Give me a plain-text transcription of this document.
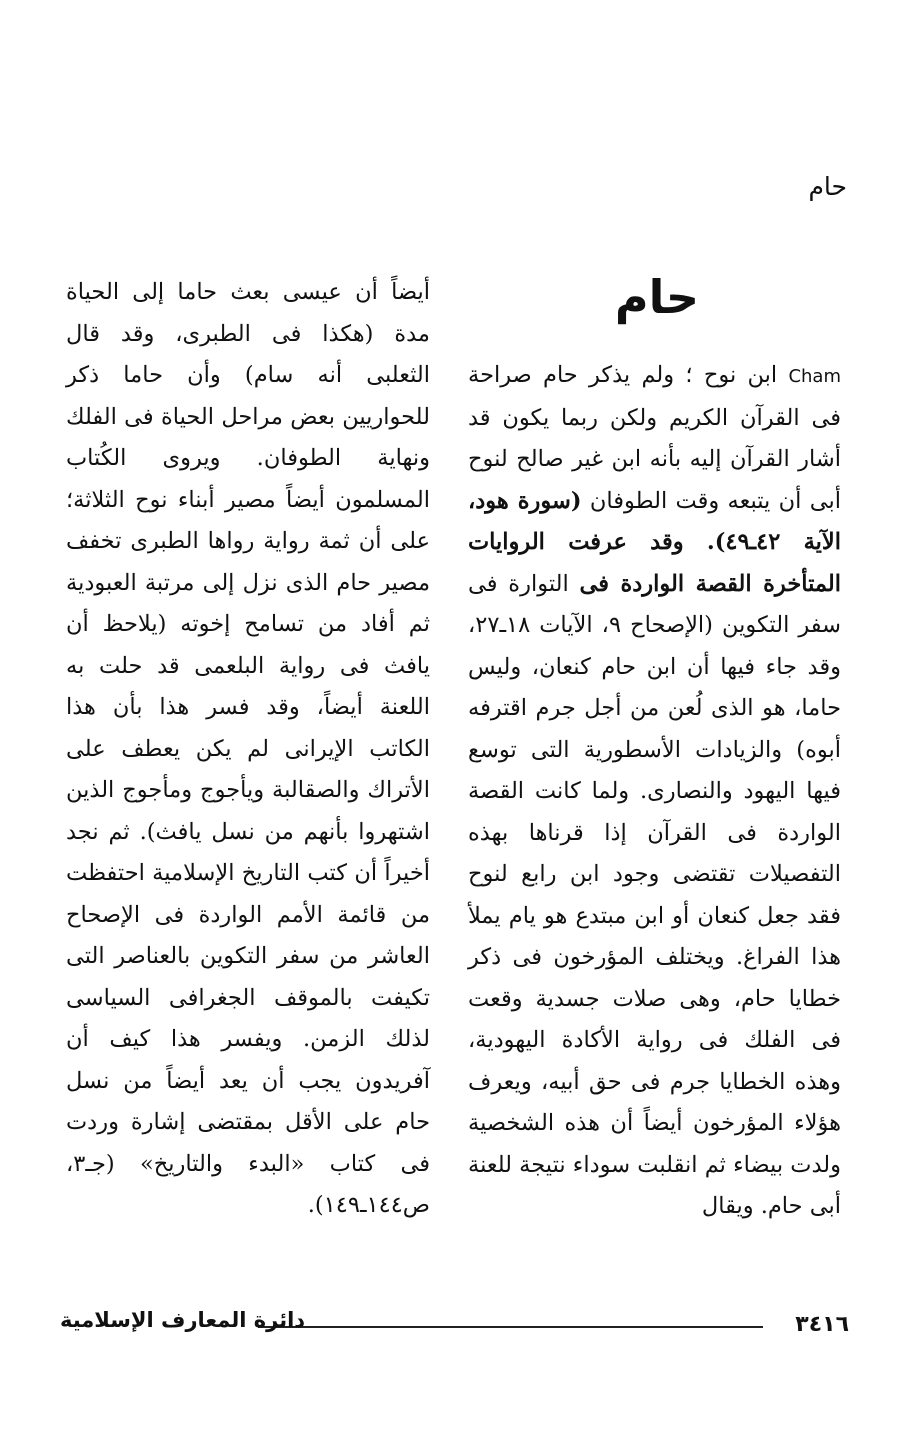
حام
حام

Cham ابن نوح ؛ ولم يذكر حام صراحة فى القرآن الكريم ولكن ربما يكون قد أشار القرآن إليه بأنه ابن غير صالح لنوح أبى أن يتبعه وقت الطوفان (سورة هود، الآية ٤٢ـ٤٩). وقد عرفت الروايات المتأخرة القصة الواردة فى التوارة فى سفر التكوين (الإصحاح ٩، الآيات ١٨ـ٢٧، وقد جاء فيها أن ابن حام كنعان، وليس حاما، هو الذى لُعن من أجل جرم اقترفه أبوه) والزيادات الأسطورية التى توسع فيها اليهود والنصارى. ولما كانت القصة الواردة فى القرآن إذا قرناها بهذه التفصيلات تقتضى وجود ابن رابع لنوح فقد جعل كنعان أو ابن مبتدع هو يام يملأ هذا الفراغ. ويختلف المؤرخون فى ذكر خطايا حام، وهى صلات جسدية وقعت فى الفلك فى رواية الأكادة اليهودية، وهذه الخطايا جرم فى حق أبيه، ويعرف هؤلاء المؤرخون أيضاً أن هذه الشخصية ولدت بيضاء ثم انقلبت سوداء نتيجة للعنة أبى حام. ويقال

أيضاً أن عيسى بعث حاما إلى الحياة مدة (هكذا فى الطبرى، وقد قال الثعلبى أنه سام) وأن حاما ذكر للحواريين بعض مراحل الحياة فى الفلك ونهاية الطوفان. ويروى الكُتاب المسلمون أيضاً مصير أبناء نوح الثلاثة؛ على أن ثمة رواية رواها الطبرى تخفف مصير حام الذى نزل إلى مرتبة العبودية ثم أفاد من تسامح إخوته (يلاحظ أن يافث فى رواية البلعمى قد حلت به اللعنة أيضاً، وقد فسر هذا بأن هذا الكاتب الإيرانى لم يكن يعطف على الأتراك والصقالبة ويأجوج ومأجوج الذين اشتهروا بأنهم من نسل يافث). ثم نجد أخيراً أن كتب التاريخ الإسلامية احتفظت من قائمة الأمم الواردة فى الإصحاح العاشر من سفر التكوين بالعناصر التى تكيفت بالموقف الجغرافى السياسى لذلك الزمن. ويفسر هذا كيف أن آفريدون يجب أن يعد أيضاً من نسل حام على الأقل بمقتضى إشارة وردت فى كتاب «البدء والتاريخ» (جـ٣، ص١٤٤ـ١٤٩).

دائرة المعارف الإسلامية	٣٤١٦
